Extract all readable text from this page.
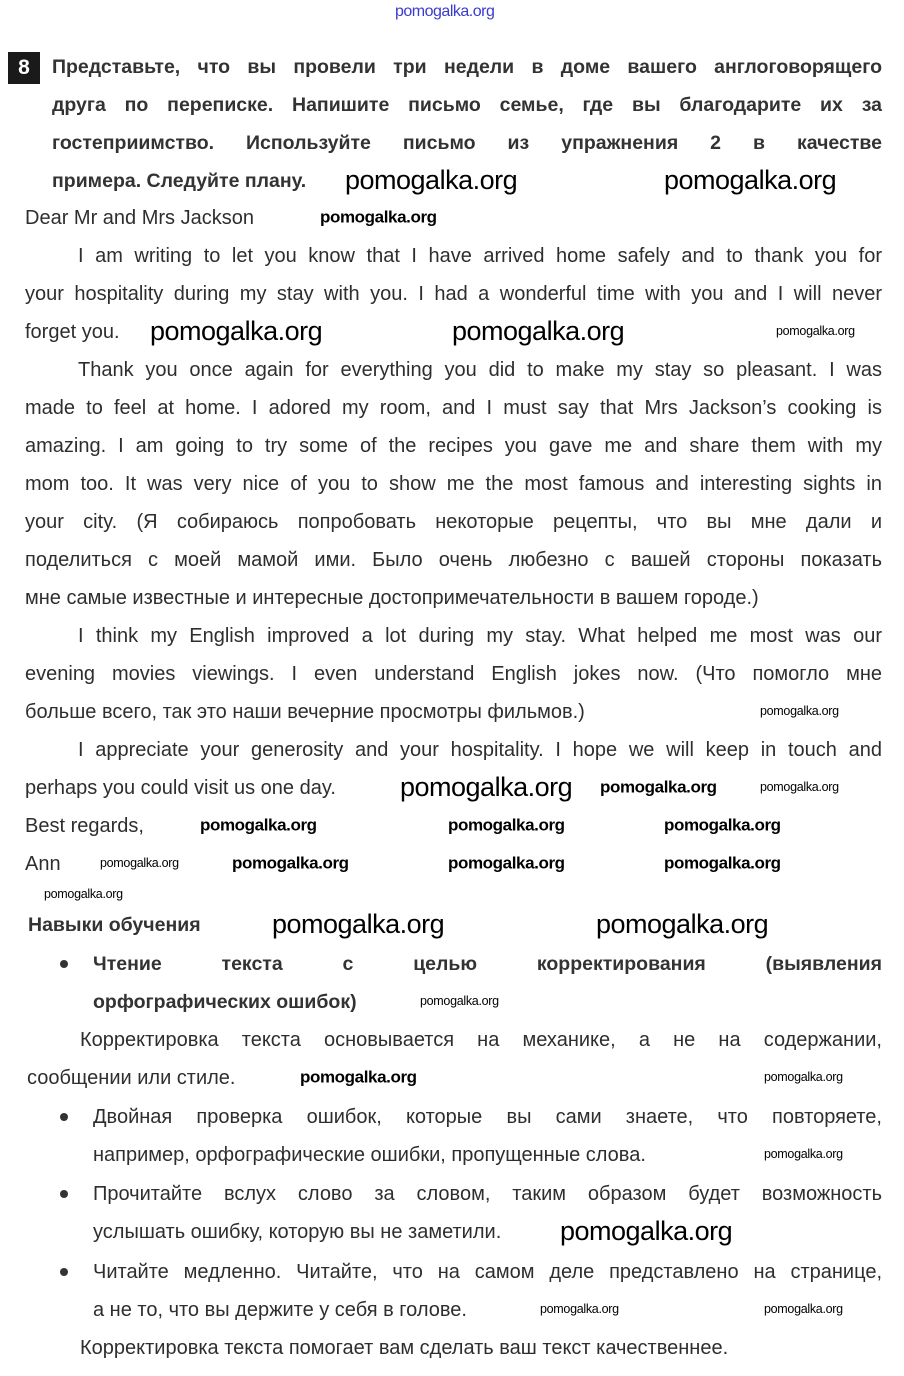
pomogalka.org
8	Представьте, что вы провели три недели в доме вашего англоговорящего
друга по переписке. Напишите письмо семье, где вы благодарите их за
гостеприимство. Используйте письмо из упражнения 2 в качестве
примера. Следуйте плану.
Dear Mr and Mrs Jackson
I am writing to let you know that I have arrived home safely and to thank you for
your hospitality during my stay with you. I had a wonderful time with you and I will never
forget you.
Thank you once again for everything you did to make my stay so pleasant. I was
made to feel at home. I adored my room, and I must say that Mrs Jackson’s cooking is
amazing. I am going to try some of the recipes you gave me and share them with my
mom too. It was very nice of you to show me the most famous and interesting sights in
your city. (Я собираюсь попробовать некоторые рецепты, что вы мне дали и
поделиться с моей мамой ими. Было очень любезно с вашей стороны показать
мне самые известные и интересные достопримечательности в вашем городе.)
I think my English improved a lot during my stay. What helped me most was our
evening movies viewings. I even understand English jokes now. (Что помогло мне
больше всего, так это наши вечерние просмотры фильмов.)
I appreciate your generosity and your hospitality. I hope we will keep in touch and
perhaps you could visit us one day.
Best regards,
Ann
Навыки обучения
Чтение текста с целью корректирования (выявления
орфографических ошибок)
Корректировка текста основывается на механике, а не на содержании,
сообщении или стиле.
Двойная проверка ошибок, которые вы сами знаете, что повторяете,
например, орфографические ошибки, пропущенные слова.
Прочитайте вслух слово за словом, таким образом будет возможность
услышать ошибку, которую вы не заметили.
Читайте медленно. Читайте, что на самом деле представлено на странице,
а не то, что вы держите у себя в голове.
Корректировка текста помогает вам сделать ваш текст качественнее.
pomogalka.org	pomogalka.org
pomogalka.org	pomogalka.org
pomogalka.org
pomogalka.org	pomogalka.org
pomogalka.org
pomogalka.org
pomogalka.org
pomogalka.org	pomogalka.org	pomogalka.org
pomogalka.org	pomogalka.org	pomogalka.org
pomogalka.org
pomogalka.org
pomogalka.org
pomogalka.org
pomogalka.org
pomogalka.org
pomogalka.org
pomogalka.org
pomogalka.org
pomogalka.org	pomogalka.org
